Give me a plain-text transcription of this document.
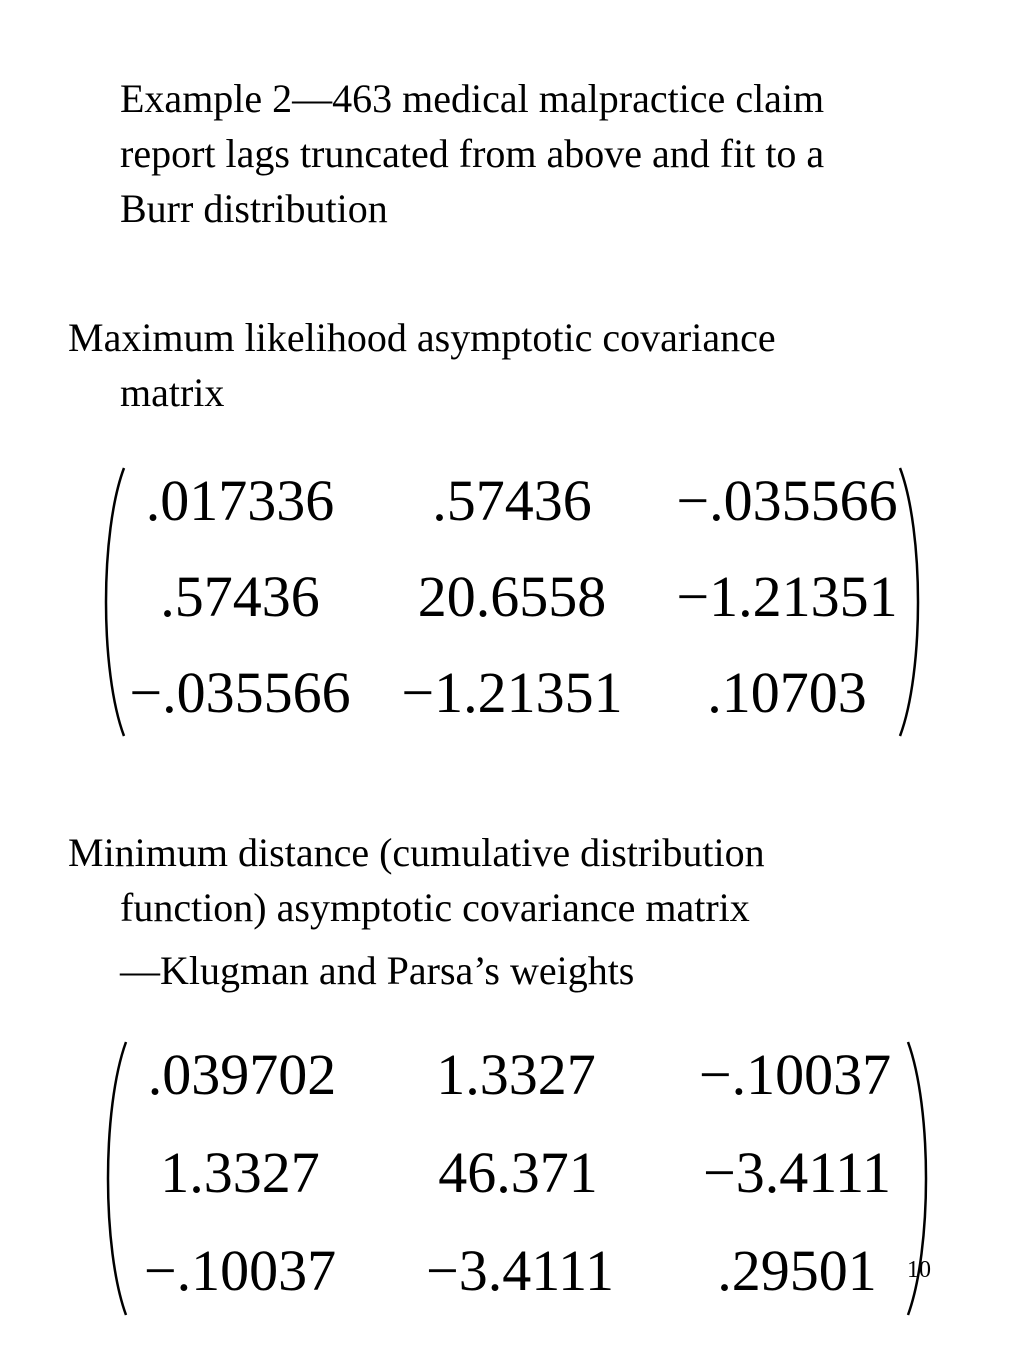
Example 2—463 medical malpractice claim
report lags truncated from above and fit to a
Burr distribution
Maximum likelihood asymptotic covariance
matrix
.017336 .57436 −.035566
.57436 20.6558 −1.21351
−.035566 −1.21351 .10703
Minimum distance (cumulative distribution
function) asymptotic covariance matrix
—Klugman and Parsa’s weights
.039702 1.3327 −.10037
1.3327 46.371 −3.4111
−.10037 −3.4111 .29501 10
